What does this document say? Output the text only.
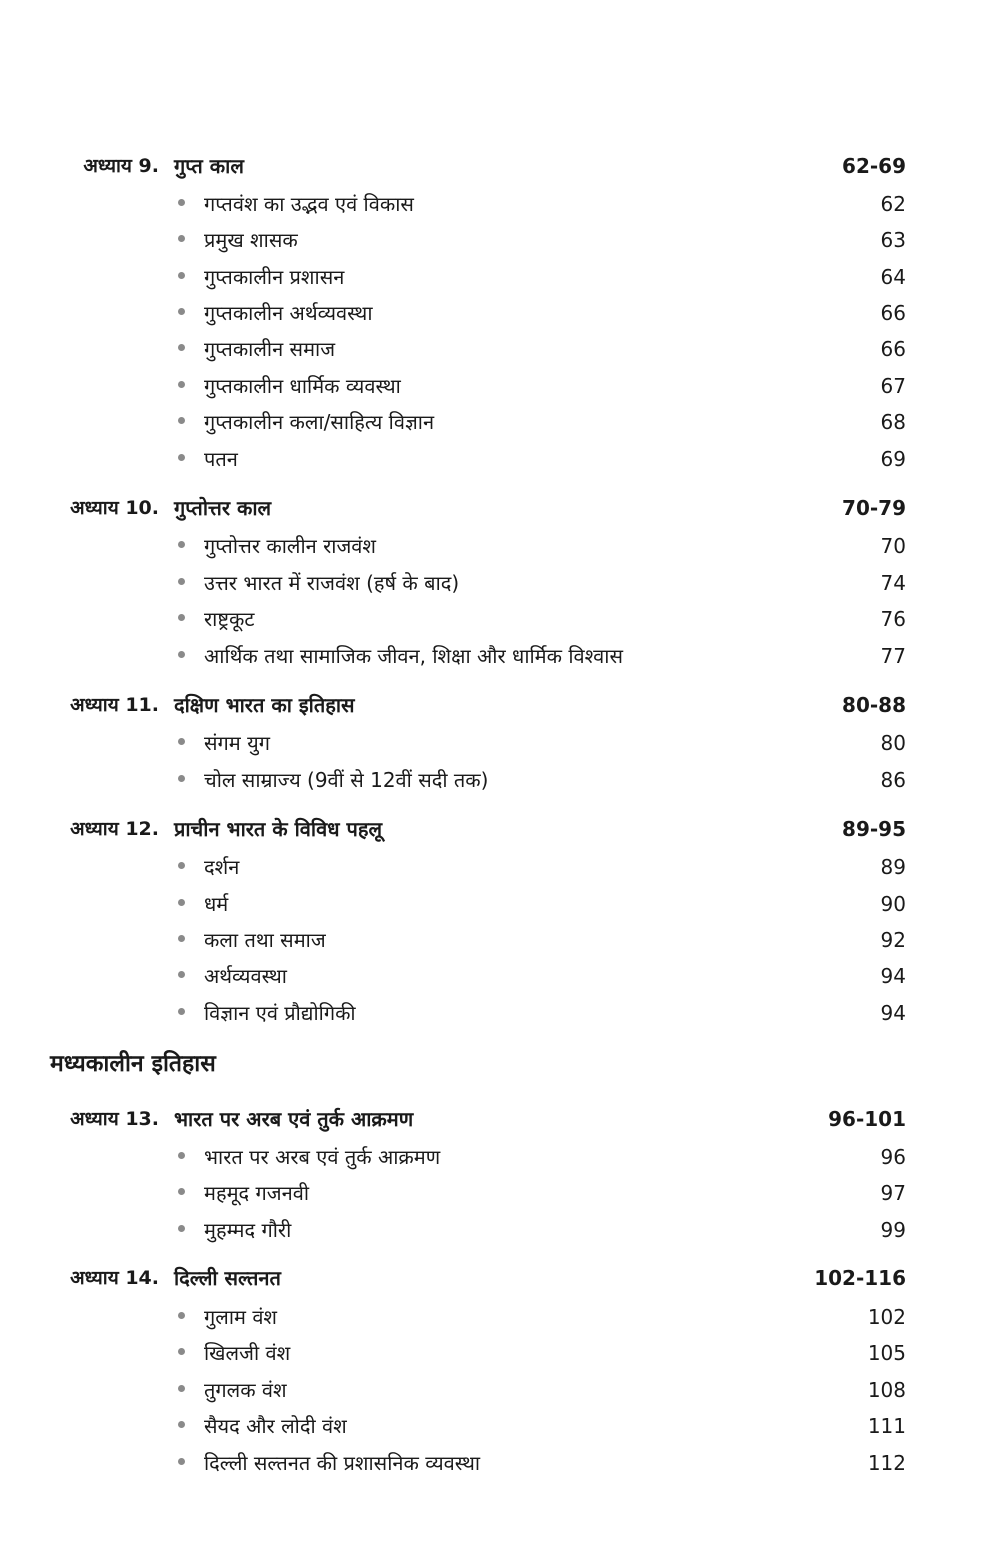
अध्याय 9. गुप्त काल	62-69
गप्तवंश का उद्भव एवं विकास	62
प्रमुख शासक	63
गुप्तकालीन प्रशासन	64
गुप्तकालीन अर्थव्यवस्था	66
गुप्तकालीन समाज	66
गुप्तकालीन धार्मिक व्यवस्था	67
गुप्तकालीन कला/साहित्य विज्ञान	68
पतन	69
अध्याय 10. गुप्तोत्तर काल	70-79
गुप्तोत्तर कालीन राजवंश	70
उत्तर भारत में राजवंश (हर्ष के बाद)	74
राष्ट्रकूट	76
आर्थिक तथा सामाजिक जीवन, शिक्षा और धार्मिक विश्वास	77
अध्याय 11. दक्षिण भारत का इतिहास	80-88
संगम युग	80
चोल साम्राज्य (9वीं से 12वीं सदी तक)	86
अध्याय 12. प्राचीन भारत के विविध पहलू	89-95
दर्शन	89
धर्म	90
कला तथा समाज	92
अर्थव्यवस्था	94
विज्ञान एवं प्रौद्योगिकी	94
मध्यकालीन इतिहास
अध्याय 13. भारत पर अरब एवं तुर्क आक्रमण	96-101
भारत पर अरब एवं तुर्क आक्रमण	96
महमूद गजनवी	97
मुहम्मद गौरी	99
अध्याय 14. दिल्ली सल्तनत	102-116
गुलाम वंश	102
खिलजी वंश	105
तुगलक वंश	108
सैयद और लोदी वंश	111
दिल्ली सल्तनत की प्रशासनिक व्यवस्था	112
